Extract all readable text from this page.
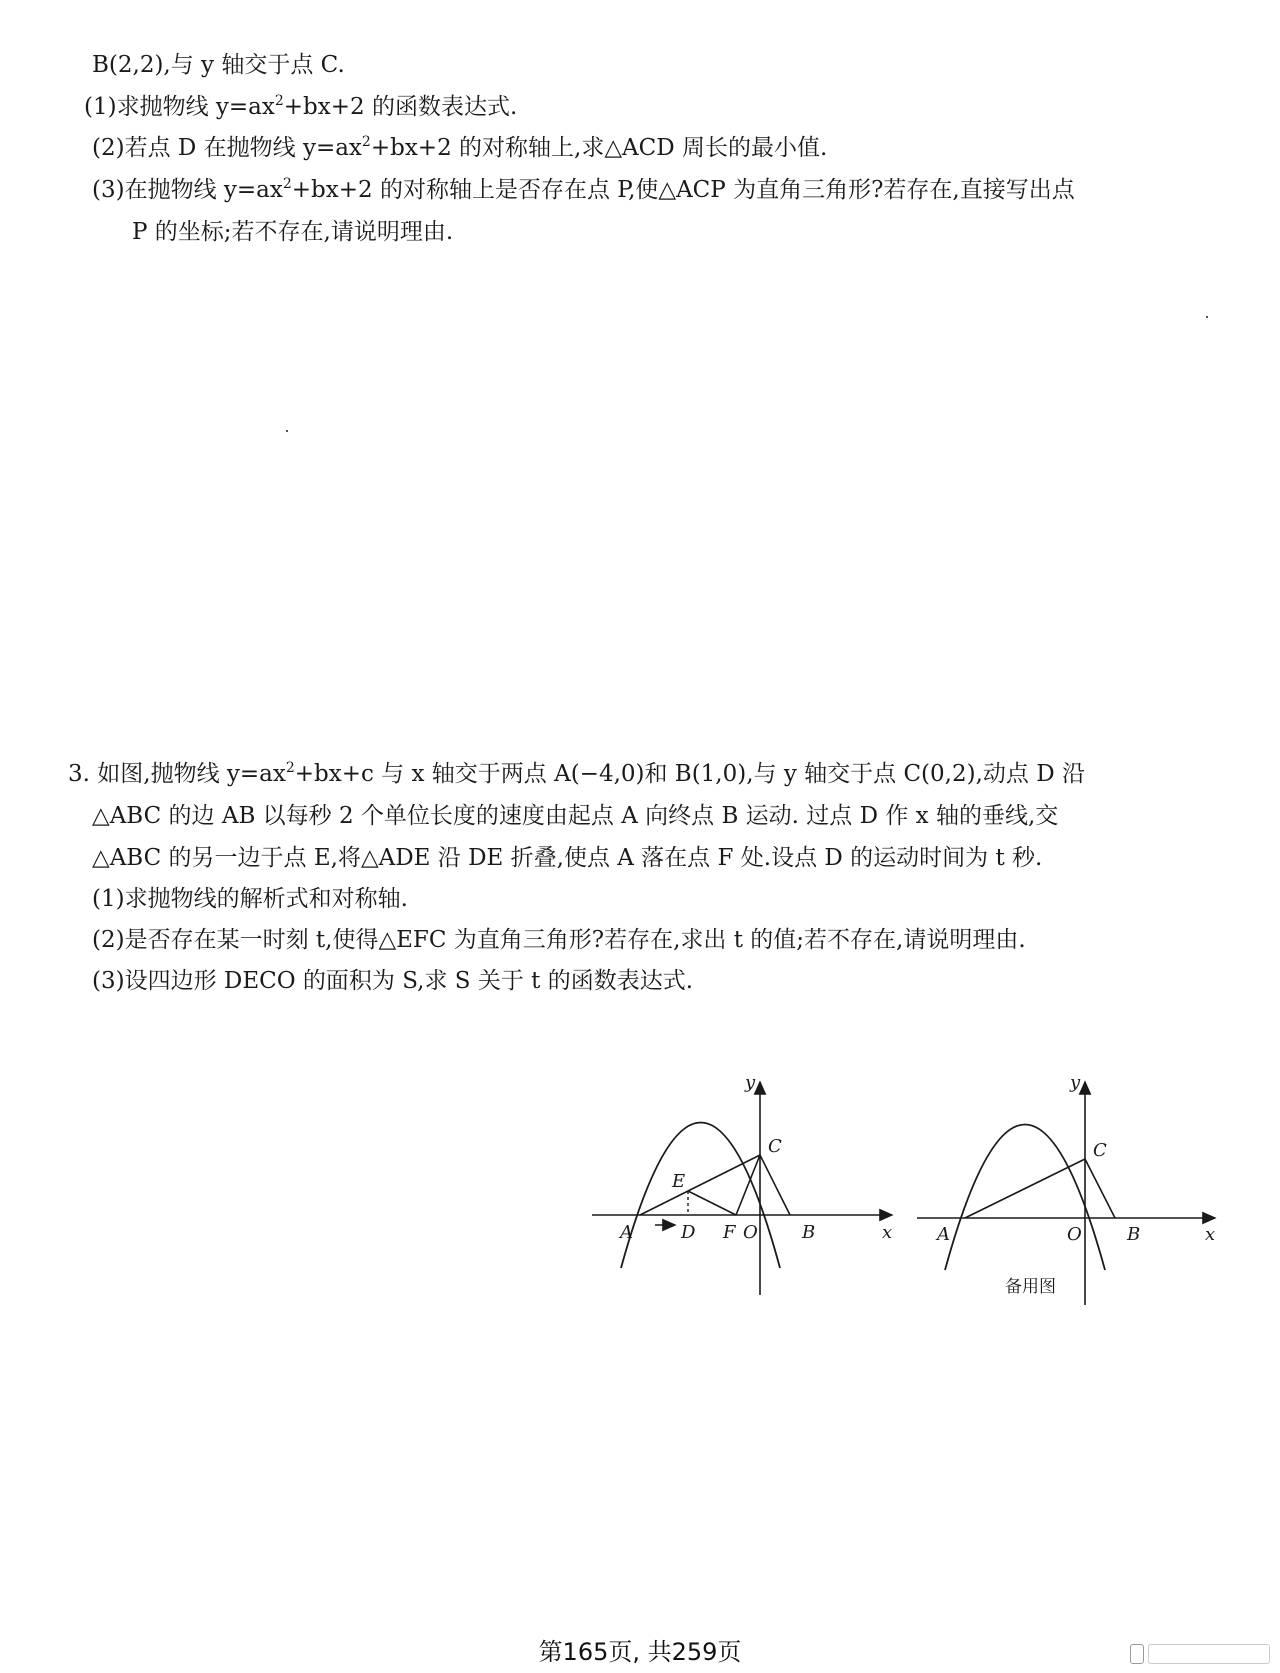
B(2,2),与 y 轴交于点 C.
(1)求抛物线 $y=ax^2+bx+2$ 的函数表达式.
(2)若点 D 在抛物线 $y=ax^2+bx+2$ 的对称轴上,求△ACD 周长的最小值.
(3)在抛物线 $y=ax^2+bx+2$ 的对称轴上是否存在点 P,使△ACP 为直角三角形?若存在,直接写出点
P 的坐标;若不存在,请说明理由.
3. 如图,抛物线 $y=ax^2+bx+c$ 与 x 轴交于两点 A(−4,0)和 B(1,0),与 y 轴交于点 C(0,2),动点 D 沿
△ABC 的边 AB 以每秒 2 个单位长度的速度由起点 A 向终点 B 运动. 过点 D 作 x 轴的垂线,交
△ABC 的另一边于点 E,将△ADE 沿 DE 折叠,使点 A 落在点 F 处.设点 D 的运动时间为 t 秒.
(1)求抛物线的解析式和对称轴.
(2)是否存在某一时刻 t,使得△EFC 为直角三角形?若存在,求出 t 的值;若不存在,请说明理由.
(3)设四边形 DECO 的面积为 S,求 S 关于 t 的函数表达式.
y
x
A	D F O B
C
E
y
x
A	O	B
C
备用图
第165页, 共259页
